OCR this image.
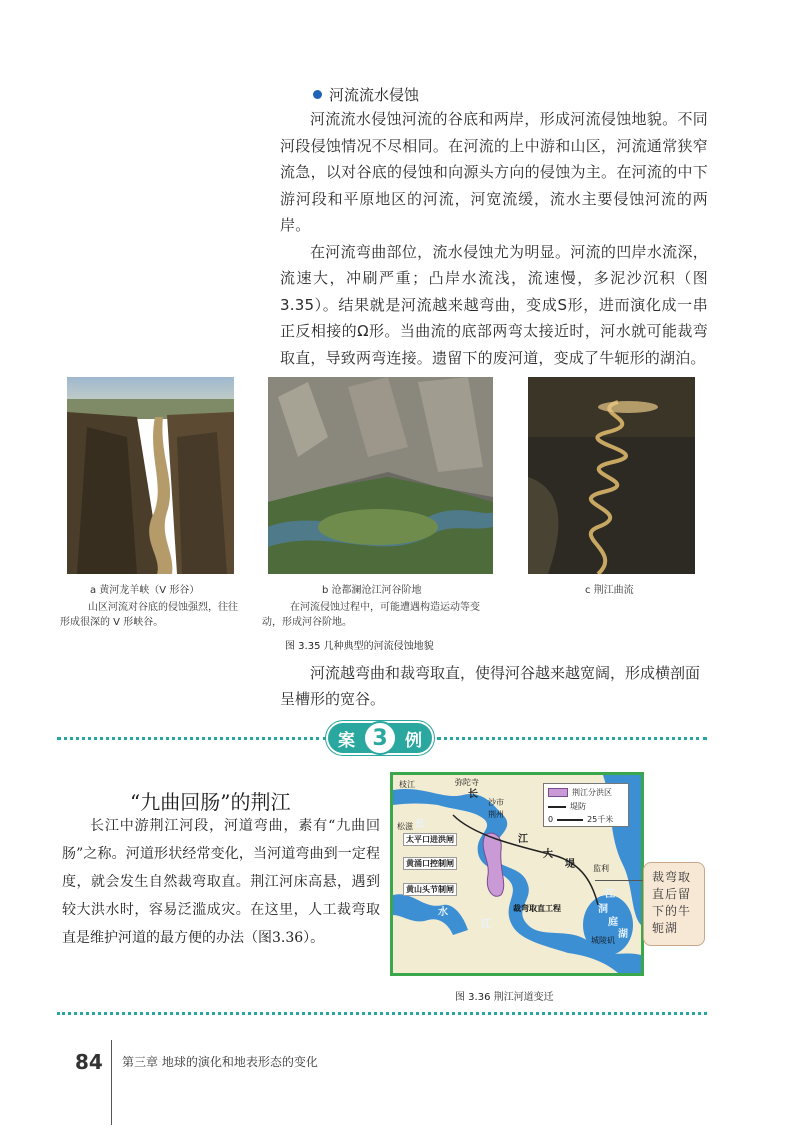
河流流水侵蚀

河流流水侵蚀河流的谷底和两岸，形成河流侵蚀地貌。不同河段侵蚀情况不尽相同。在河流的上中游和山区，河流通常狭窄流急，以对谷底的侵蚀和向源头方向的侵蚀为主。在河流的中下游河段和平原地区的河流，河宽流缓，流水主要侵蚀河流的两岸。

在河流弯曲部位，流水侵蚀尤为明显。河流的凹岸水流深，流速大，冲刷严重；凸岸水流浅，流速慢，多泥沙沉积（图3.35）。结果就是河流越来越弯曲，变成S形，进而演化成一串正反相接的Ω形。当曲流的底部两弯太接近时，河水就可能裁弯取直，导致两弯连接。遗留下的废河道，变成了牛轭形的湖泊。

a 黄河龙羊峡（V 形谷）
山区河流对谷底的侵蚀强烈，往往形成很深的 V 形峡谷。
b 沧都澜沧江河谷阶地
在河流侵蚀过程中，可能遭遇构造运动等变动，形成河谷阶地。
c 荆江曲流
图 3.35 几种典型的河流侵蚀地貌

河流越弯曲和裁弯取直，使得河谷越来越宽阔，形成横剖面呈槽形的宽谷。

案 3	例
“九曲回肠”的荆江

长江中游荆江河段，河道弯曲，素有“九曲回肠”之称。河道形状经常变化，当河道弯曲到一定程度，就会发生自然裁弯取直。荆江河床高悬，遇到较大洪水时，容易泛滥成灾。在这里，人工裁弯取直是维护河道的最方便的办法（图3.36）。

荆江分洪区
堤防
0	25千米
枝江	弥陀寺
沙市
荆州
松滋
太平口进洪闸
黄涌口控制闸
黄山头节制闸
裁弯取直工程
监利
城陵矶
长
江
大
堤
长
江
洞
庭
湖
水
江
裁弯取直后留下的牛轭湖
图 3.36 荆江河道变迁
84 第三章 地球的演化和地表形态的变化
